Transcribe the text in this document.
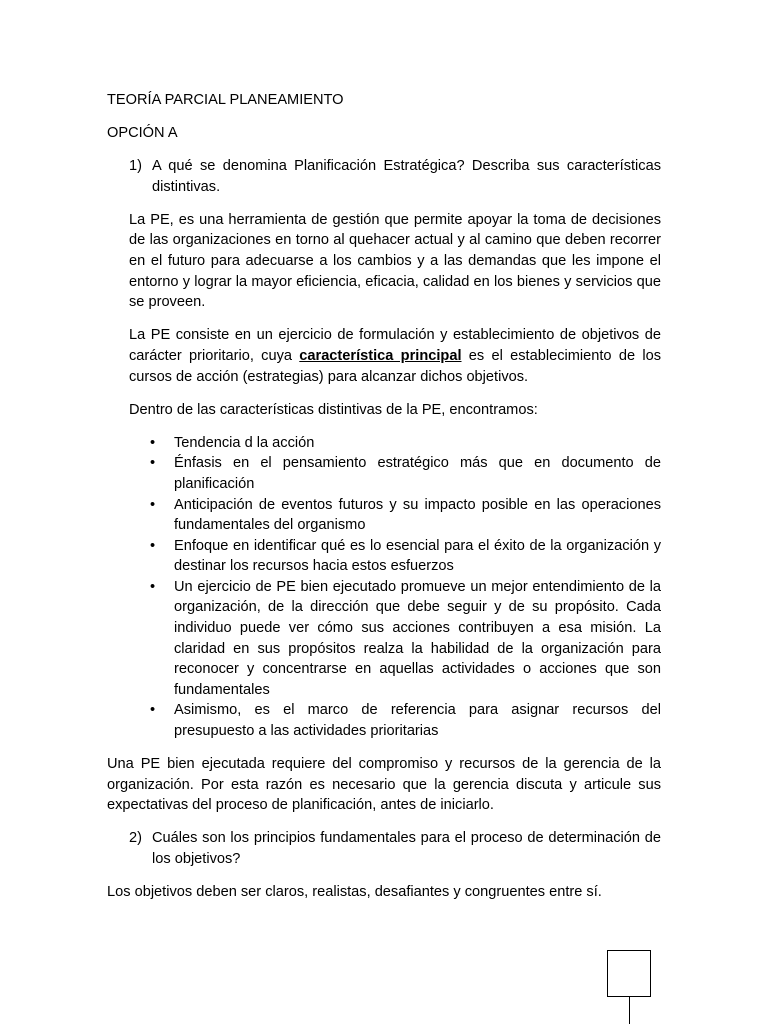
TEORÍA PARCIAL PLANEAMIENTO

OPCIÓN A

1) A qué se denomina Planificación Estratégica? Describa sus características distintivas.

La PE, es una herramienta de gestión que permite apoyar la toma de decisiones de las organizaciones en torno al quehacer actual y al camino que deben recorrer en el futuro para adecuarse a los cambios y a las demandas que les impone el entorno y lograr la mayor eficiencia, eficacia, calidad en los bienes y servicios que se proveen.

La PE consiste en un ejercicio de formulación y establecimiento de objetivos de carácter prioritario, cuya característica principal es el establecimiento de los cursos de acción (estrategias) para alcanzar dichos objetivos.

Dentro de las características distintivas de la PE, encontramos:

• Tendencia d la acción
• Énfasis en el pensamiento estratégico más que en documento de planificación
• Anticipación de eventos futuros y su impacto posible en las operaciones fundamentales del organismo
• Enfoque en identificar qué es lo esencial para el éxito de la organización y destinar los recursos hacia estos esfuerzos
• Un ejercicio de PE bien ejecutado promueve un mejor entendimiento de la organización, de la dirección que debe seguir y de su propósito. Cada individuo puede ver cómo sus acciones contribuyen a esa misión. La claridad en sus propósitos realza la habilidad de la organización para reconocer y concentrarse en aquellas actividades o acciones que son fundamentales
• Asimismo, es el marco de referencia para asignar recursos del presupuesto a las actividades prioritarias

Una PE bien ejecutada requiere del compromiso y recursos de la gerencia de la organización. Por esta razón es necesario que la gerencia discuta y articule sus expectativas del proceso de planificación, antes de iniciarlo.

2) Cuáles son los principios fundamentales para el proceso de determinación de los objetivos?

Los objetivos deben ser claros, realistas, desafiantes y congruentes entre sí.
